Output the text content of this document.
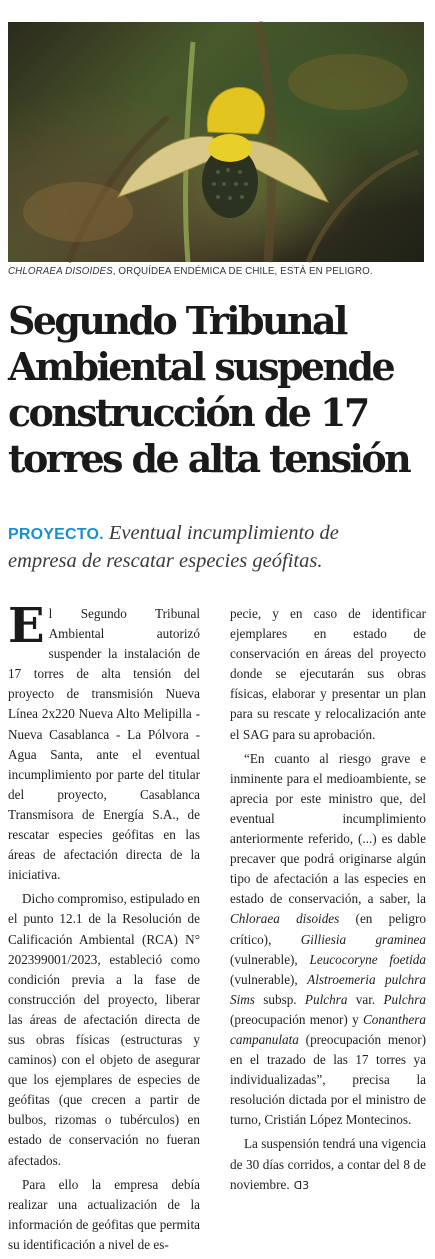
CHLORAEA DISOIDES, ORQUÍDEA ENDÉMICA DE CHILE, ESTÁ EN PELIGRO.
Segundo Tribunal
Ambiental suspende
construcción de 17
torres de alta tensión
PROYECTO. Eventual incumplimiento de
empresa de rescatar especies geófitas.

El Segundo Tribunal Ambiental autorizó suspender la instalación de 17 torres de alta tensión del proyecto de transmisión Nueva Línea 2x220 Nueva Alto Melipilla - Nueva Casablanca - La Pólvora - Agua Santa, ante el eventual incumplimiento por parte del titular del proyecto, Casablanca Transmisora de Energía S.A., de rescatar especies geófitas en las áreas de afectación directa de la iniciativa.

Dicho compromiso, estipulado en el punto 12.1 de la Resolución de Calificación Ambiental (RCA) N° 202399001/2023, estableció como condición previa a la fase de construcción del proyecto, liberar las áreas de afectación directa de sus obras físicas (estructuras y caminos) con el objeto de asegurar que los ejemplares de especies de geófitas (que crecen a partir de bulbos, rizomas o tubérculos) en estado de conservación no fueran afectados.

Para ello la empresa debía realizar una actualización de la información de geófitas que permita su identificación a nivel de es-

pecie, y en caso de identificar ejemplares en estado de conservación en áreas del proyecto donde se ejecutarán sus obras físicas, elaborar y presentar un plan para su rescate y relocalización ante el SAG para su aprobación.

“En cuanto al riesgo grave e inminente para el medioambiente, se aprecia por este ministro que, del eventual incumplimiento anteriormente referido, (...) es dable precaver que podrá originarse algún tipo de afectación a las especies en estado de conservación, a saber, la Chloraea disoides (en peligro crítico), Gilliesia graminea (vulnerable), Leucocoryne foetida (vulnerable), Alstroemeria pulchra Sims subsp. Pulchra var. Pulchra (preocupación menor) y Conanthera campanulata (preocupación menor) en el trazado de las 17 torres ya individualizadas”, precisa la resolución dictada por el ministro de turno, Cristián López Montecinos.

La suspensión tendrá una vigencia de 30 días corridos, a contar del 8 de noviembre. ᗡ3
